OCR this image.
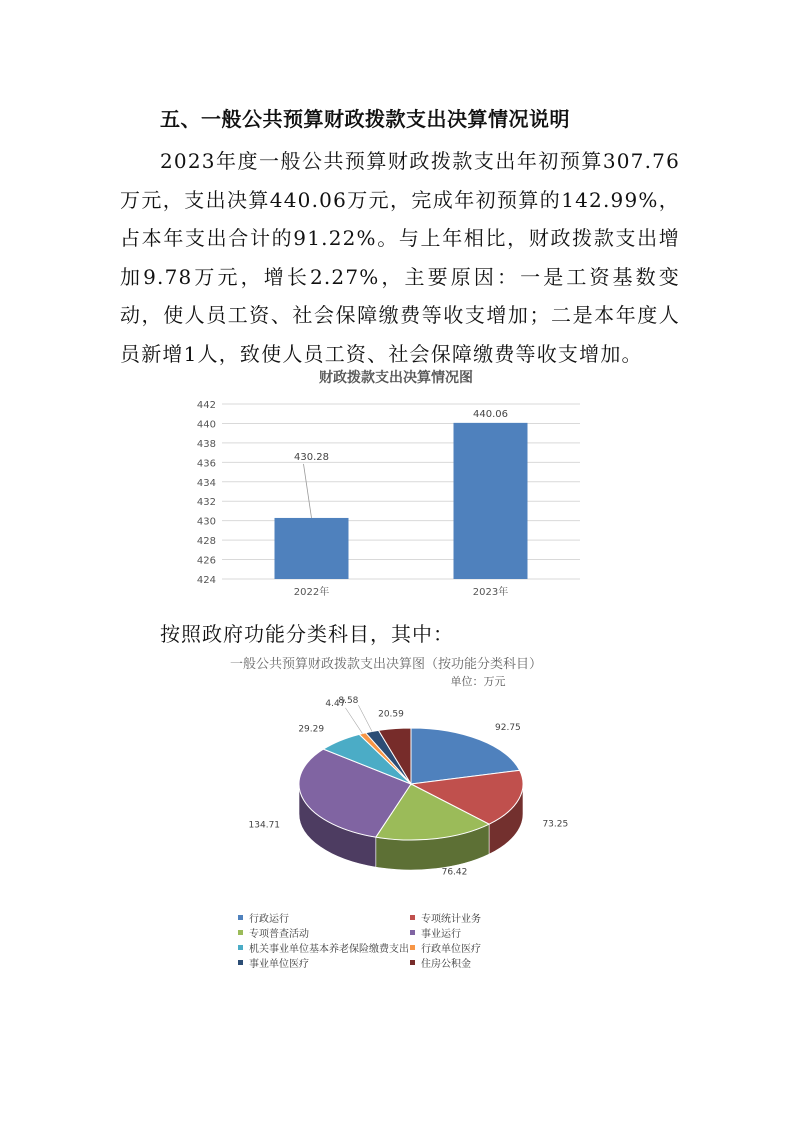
五、一般公共预算财政拨款支出决算情况说明
2023年度一般公共预算财政拨款支出年初预算307.76万元，支出决算440.06万元，完成年初预算的142.99%，占本年支出合计的91.22%。与上年相比，财政拨款支出增加9.78万元，增长2.27%，主要原因：一是工资基数变动，使人员工资、社会保障缴费等收支增加；二是本年度人员新增1人，致使人员工资、社会保障缴费等收支增加。
财政拨款支出决算情况图
424
426
428
430
432
434
436
438
440
442
430.28
2022年
440.06
2023年
按照政府功能分类科目，其中：
一般公共预算财政拨款支出决算图（按功能分类科目）
单位：万元
92.75
73.25
76.42
134.71
29.29
4.47
8.58
20.59
行政运行	专项统计业务
专项普查活动	事业运行
机关事业单位基本养老保险缴费支出 行政单位医疗
事业单位医疗	住房公积金
